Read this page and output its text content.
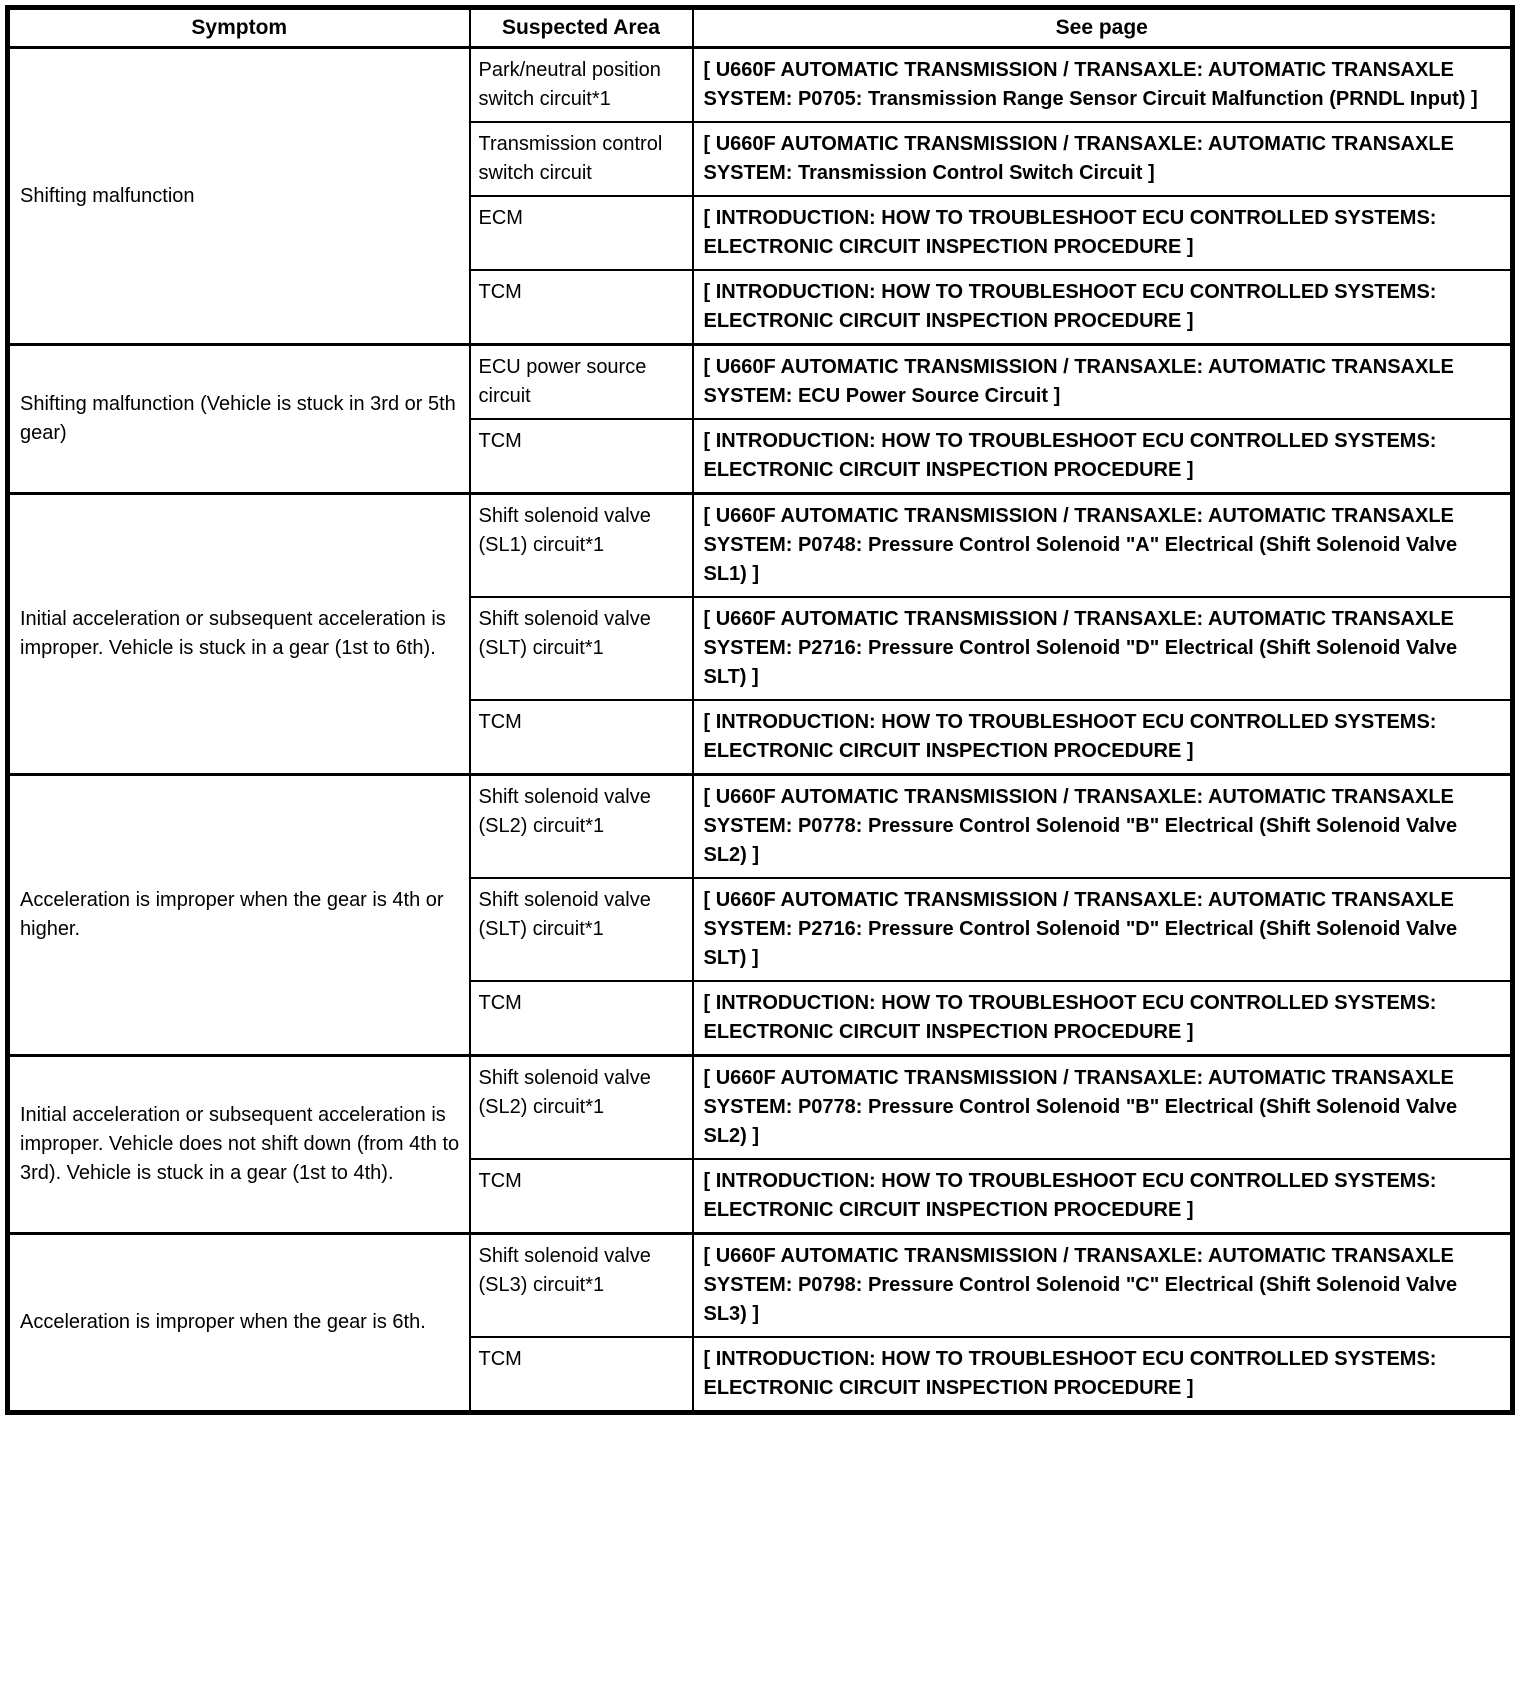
Symptom	Suspected Area	See page
Shifting malfunction	Park/neutral position switch circuit*1	[ U660F AUTOMATIC TRANSMISSION / TRANSAXLE: AUTOMATIC TRANSAXLE SYSTEM: P0705: Transmission Range Sensor Circuit Malfunction (PRNDL Input) ]
	Transmission control switch circuit	[ U660F AUTOMATIC TRANSMISSION / TRANSAXLE: AUTOMATIC TRANSAXLE SYSTEM: Transmission Control Switch Circuit ]
	ECM	[ INTRODUCTION: HOW TO TROUBLESHOOT ECU CONTROLLED SYSTEMS: ELECTRONIC CIRCUIT INSPECTION PROCEDURE ]
	TCM	[ INTRODUCTION: HOW TO TROUBLESHOOT ECU CONTROLLED SYSTEMS: ELECTRONIC CIRCUIT INSPECTION PROCEDURE ]
Shifting malfunction (Vehicle is stuck in 3rd or 5th gear)	ECU power source circuit	[ U660F AUTOMATIC TRANSMISSION / TRANSAXLE: AUTOMATIC TRANSAXLE SYSTEM: ECU Power Source Circuit ]
	TCM	[ INTRODUCTION: HOW TO TROUBLESHOOT ECU CONTROLLED SYSTEMS: ELECTRONIC CIRCUIT INSPECTION PROCEDURE ]
Initial acceleration or subsequent acceleration is improper. Vehicle is stuck in a gear (1st to 6th).	Shift solenoid valve (SL1) circuit*1	[ U660F AUTOMATIC TRANSMISSION / TRANSAXLE: AUTOMATIC TRANSAXLE SYSTEM: P0748: Pressure Control Solenoid "A" Electrical (Shift Solenoid Valve SL1) ]
	Shift solenoid valve (SLT) circuit*1	[ U660F AUTOMATIC TRANSMISSION / TRANSAXLE: AUTOMATIC TRANSAXLE SYSTEM: P2716: Pressure Control Solenoid "D" Electrical (Shift Solenoid Valve SLT) ]
	TCM	[ INTRODUCTION: HOW TO TROUBLESHOOT ECU CONTROLLED SYSTEMS: ELECTRONIC CIRCUIT INSPECTION PROCEDURE ]
Acceleration is improper when the gear is 4th or higher.	Shift solenoid valve (SL2) circuit*1	[ U660F AUTOMATIC TRANSMISSION / TRANSAXLE: AUTOMATIC TRANSAXLE SYSTEM: P0778: Pressure Control Solenoid "B" Electrical (Shift Solenoid Valve SL2) ]
	Shift solenoid valve (SLT) circuit*1	[ U660F AUTOMATIC TRANSMISSION / TRANSAXLE: AUTOMATIC TRANSAXLE SYSTEM: P2716: Pressure Control Solenoid "D" Electrical (Shift Solenoid Valve SLT) ]
	TCM	[ INTRODUCTION: HOW TO TROUBLESHOOT ECU CONTROLLED SYSTEMS: ELECTRONIC CIRCUIT INSPECTION PROCEDURE ]
Initial acceleration or subsequent acceleration is improper. Vehicle does not shift down (from 4th to 3rd). Vehicle is stuck in a gear (1st to 4th).	Shift solenoid valve (SL2) circuit*1	[ U660F AUTOMATIC TRANSMISSION / TRANSAXLE: AUTOMATIC TRANSAXLE SYSTEM: P0778: Pressure Control Solenoid "B" Electrical (Shift Solenoid Valve SL2) ]
	TCM	[ INTRODUCTION: HOW TO TROUBLESHOOT ECU CONTROLLED SYSTEMS: ELECTRONIC CIRCUIT INSPECTION PROCEDURE ]
Acceleration is improper when the gear is 6th.	Shift solenoid valve (SL3) circuit*1	[ U660F AUTOMATIC TRANSMISSION / TRANSAXLE: AUTOMATIC TRANSAXLE SYSTEM: P0798: Pressure Control Solenoid "C" Electrical (Shift Solenoid Valve SL3) ]
	TCM	[ INTRODUCTION: HOW TO TROUBLESHOOT ECU CONTROLLED SYSTEMS: ELECTRONIC CIRCUIT INSPECTION PROCEDURE ]
